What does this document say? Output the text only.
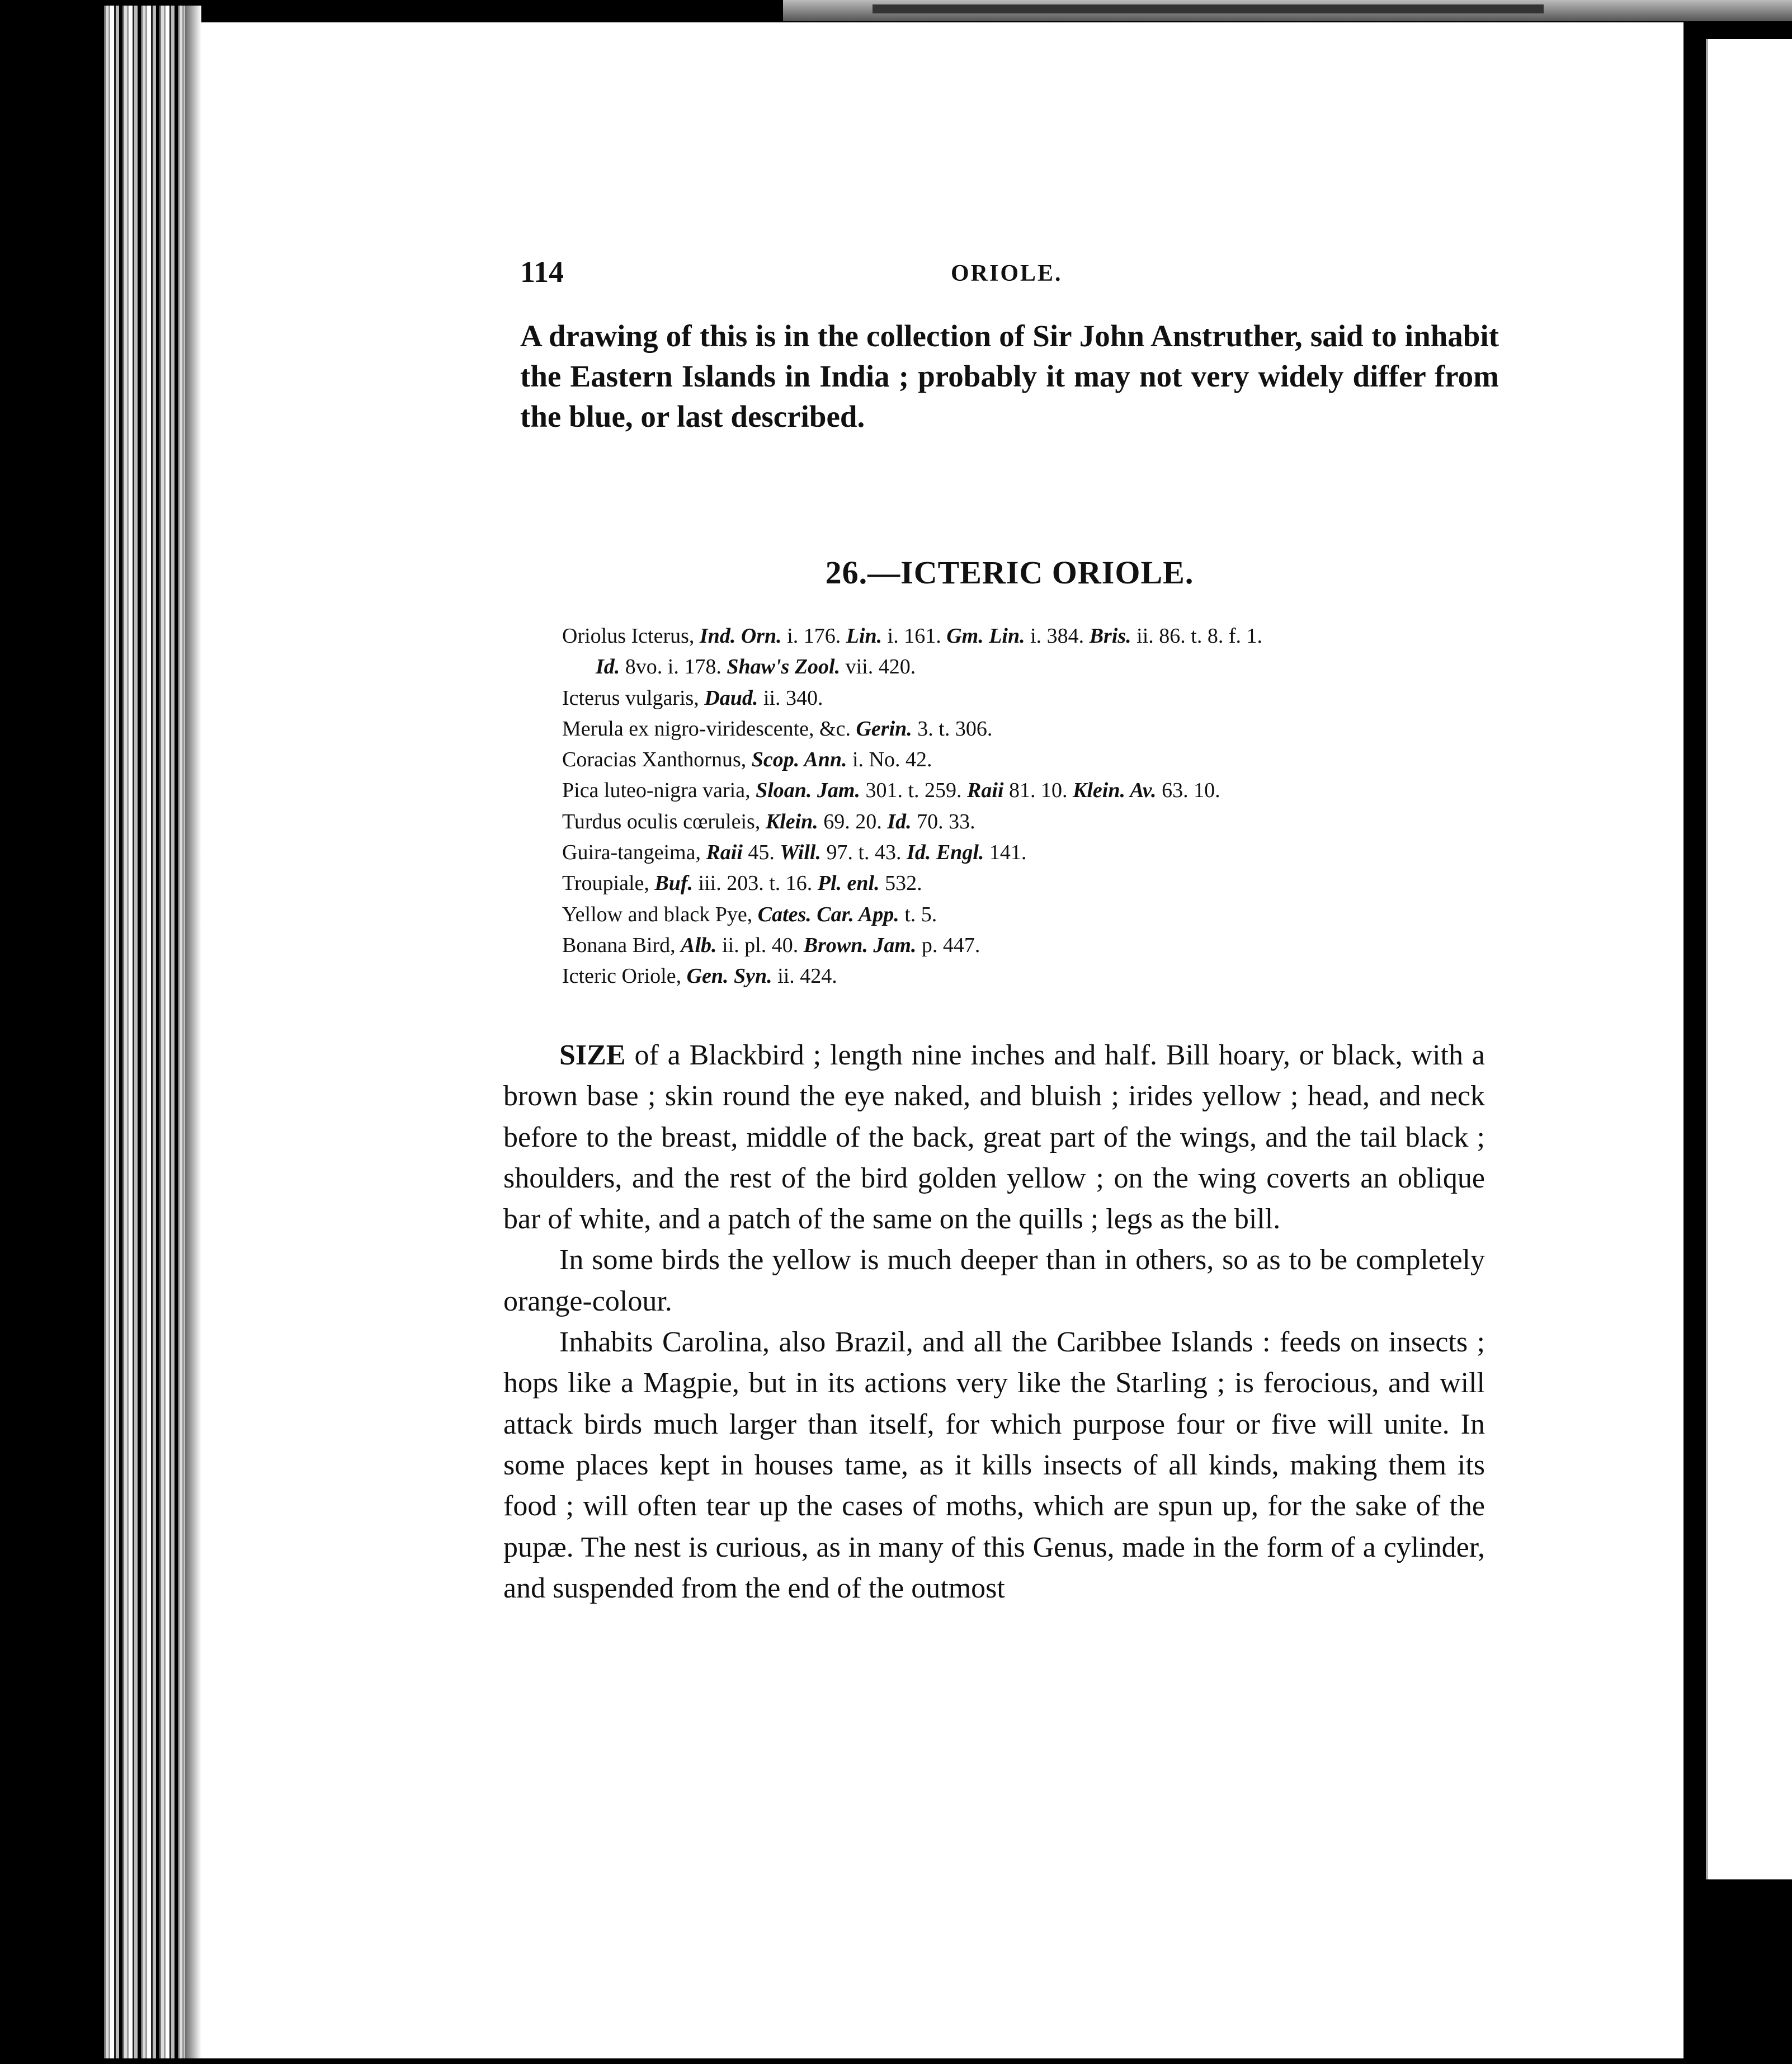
114	ORIOLE.

A drawing of this is in the collection of Sir John Anstruther, said to inhabit the Eastern Islands in India ; probably it may not very widely differ from the blue, or last described.

26.—ICTERIC ORIOLE.
Oriolus Icterus, Ind. Orn. i. 176. Lin. i. 161. Gm. Lin. i. 384. Bris. ii. 86. t. 8. f. 1.
Id. 8vo. i. 178. Shaw's Zool. vii. 420.
Icterus vulgaris, Daud. ii. 340.
Merula ex nigro-viridescente, &c. Gerin. 3. t. 306.
Coracias Xanthornus, Scop. Ann. i. No. 42.
Pica luteo-nigra varia, Sloan. Jam. 301. t. 259. Raii 81. 10. Klein. Av. 63. 10.
Turdus oculis cœruleis, Klein. 69. 20. Id. 70. 33.
Guira-tangeima, Raii 45. Will. 97. t. 43. Id. Engl. 141.
Troupiale, Buf. iii. 203. t. 16. Pl. enl. 532.
Yellow and black Pye, Cates. Car. App. t. 5.
Bonana Bird, Alb. ii. pl. 40. Brown. Jam. p. 447.
Icteric Oriole, Gen. Syn. ii. 424.

SIZE of a Blackbird ; length nine inches and half. Bill hoary, or black, with a brown base ; skin round the eye naked, and bluish ; irides yellow ; head, and neck before to the breast, middle of the back, great part of the wings, and the tail black ; shoulders, and the rest of the bird golden yellow ; on the wing coverts an oblique bar of white, and a patch of the same on the quills ; legs as the bill.

In some birds the yellow is much deeper than in others, so as to be completely orange-colour.

Inhabits Carolina, also Brazil, and all the Caribbee Islands : feeds on insects ; hops like a Magpie, but in its actions very like the Starling ; is ferocious, and will attack birds much larger than itself, for which purpose four or five will unite. In some places kept in houses tame, as it kills insects of all kinds, making them its food ; will often tear up the cases of moths, which are spun up, for the sake of the pupæ. The nest is curious, as in many of this Genus, made in the form of a cylinder, and suspended from the end of the outmost
